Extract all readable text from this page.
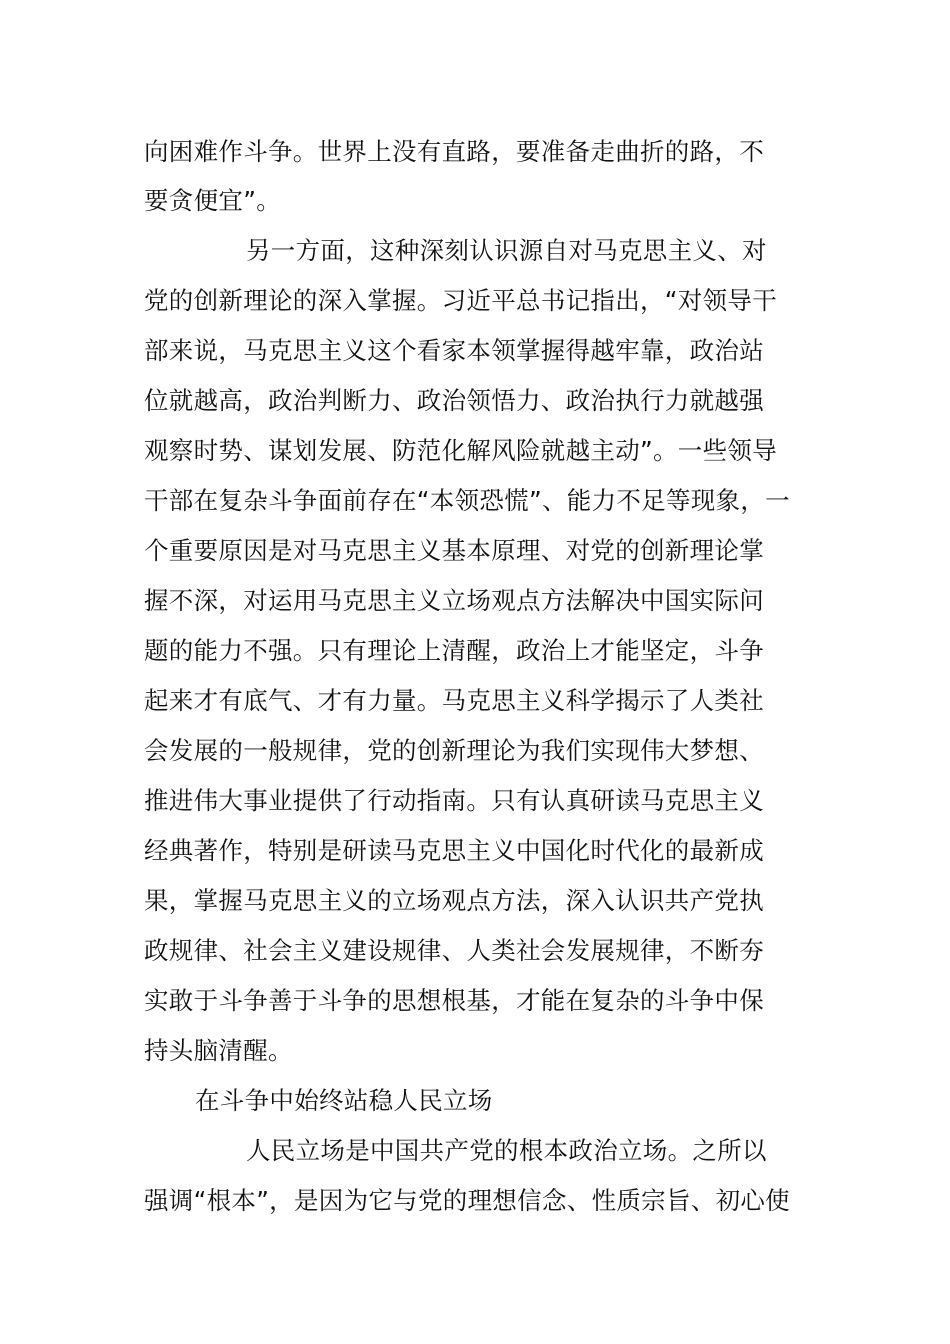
向困难作斗争。世界上没有直路，要准备走曲折的路，不
要贪便宜”。
另一方面，这种深刻认识源自对马克思主义、对
党的创新理论的深入掌握。习近平总书记指出，“对领导干
部来说，马克思主义这个看家本领掌握得越牢靠，政治站
位就越高，政治判断力、政治领悟力、政治执行力就越强
观察时势、谋划发展、防范化解风险就越主动”。一些领导
干部在复杂斗争面前存在“本领恐慌”、能力不足等现象，一
个重要原因是对马克思主义基本原理、对党的创新理论掌
握不深，对运用马克思主义立场观点方法解决中国实际问
题的能力不强。只有理论上清醒，政治上才能坚定，斗争
起来才有底气、才有力量。马克思主义科学揭示了人类社
会发展的一般规律，党的创新理论为我们实现伟大梦想、
推进伟大事业提供了行动指南。只有认真研读马克思主义
经典著作，特别是研读马克思主义中国化时代化的最新成
果，掌握马克思主义的立场观点方法，深入认识共产党执
政规律、社会主义建设规律、人类社会发展规律，不断夯
实敢于斗争善于斗争的思想根基，才能在复杂的斗争中保
持头脑清醒。
在斗争中始终站稳人民立场
人民立场是中国共产党的根本政治立场。之所以
强调“根本”，是因为它与党的理想信念、性质宗旨、初心使
